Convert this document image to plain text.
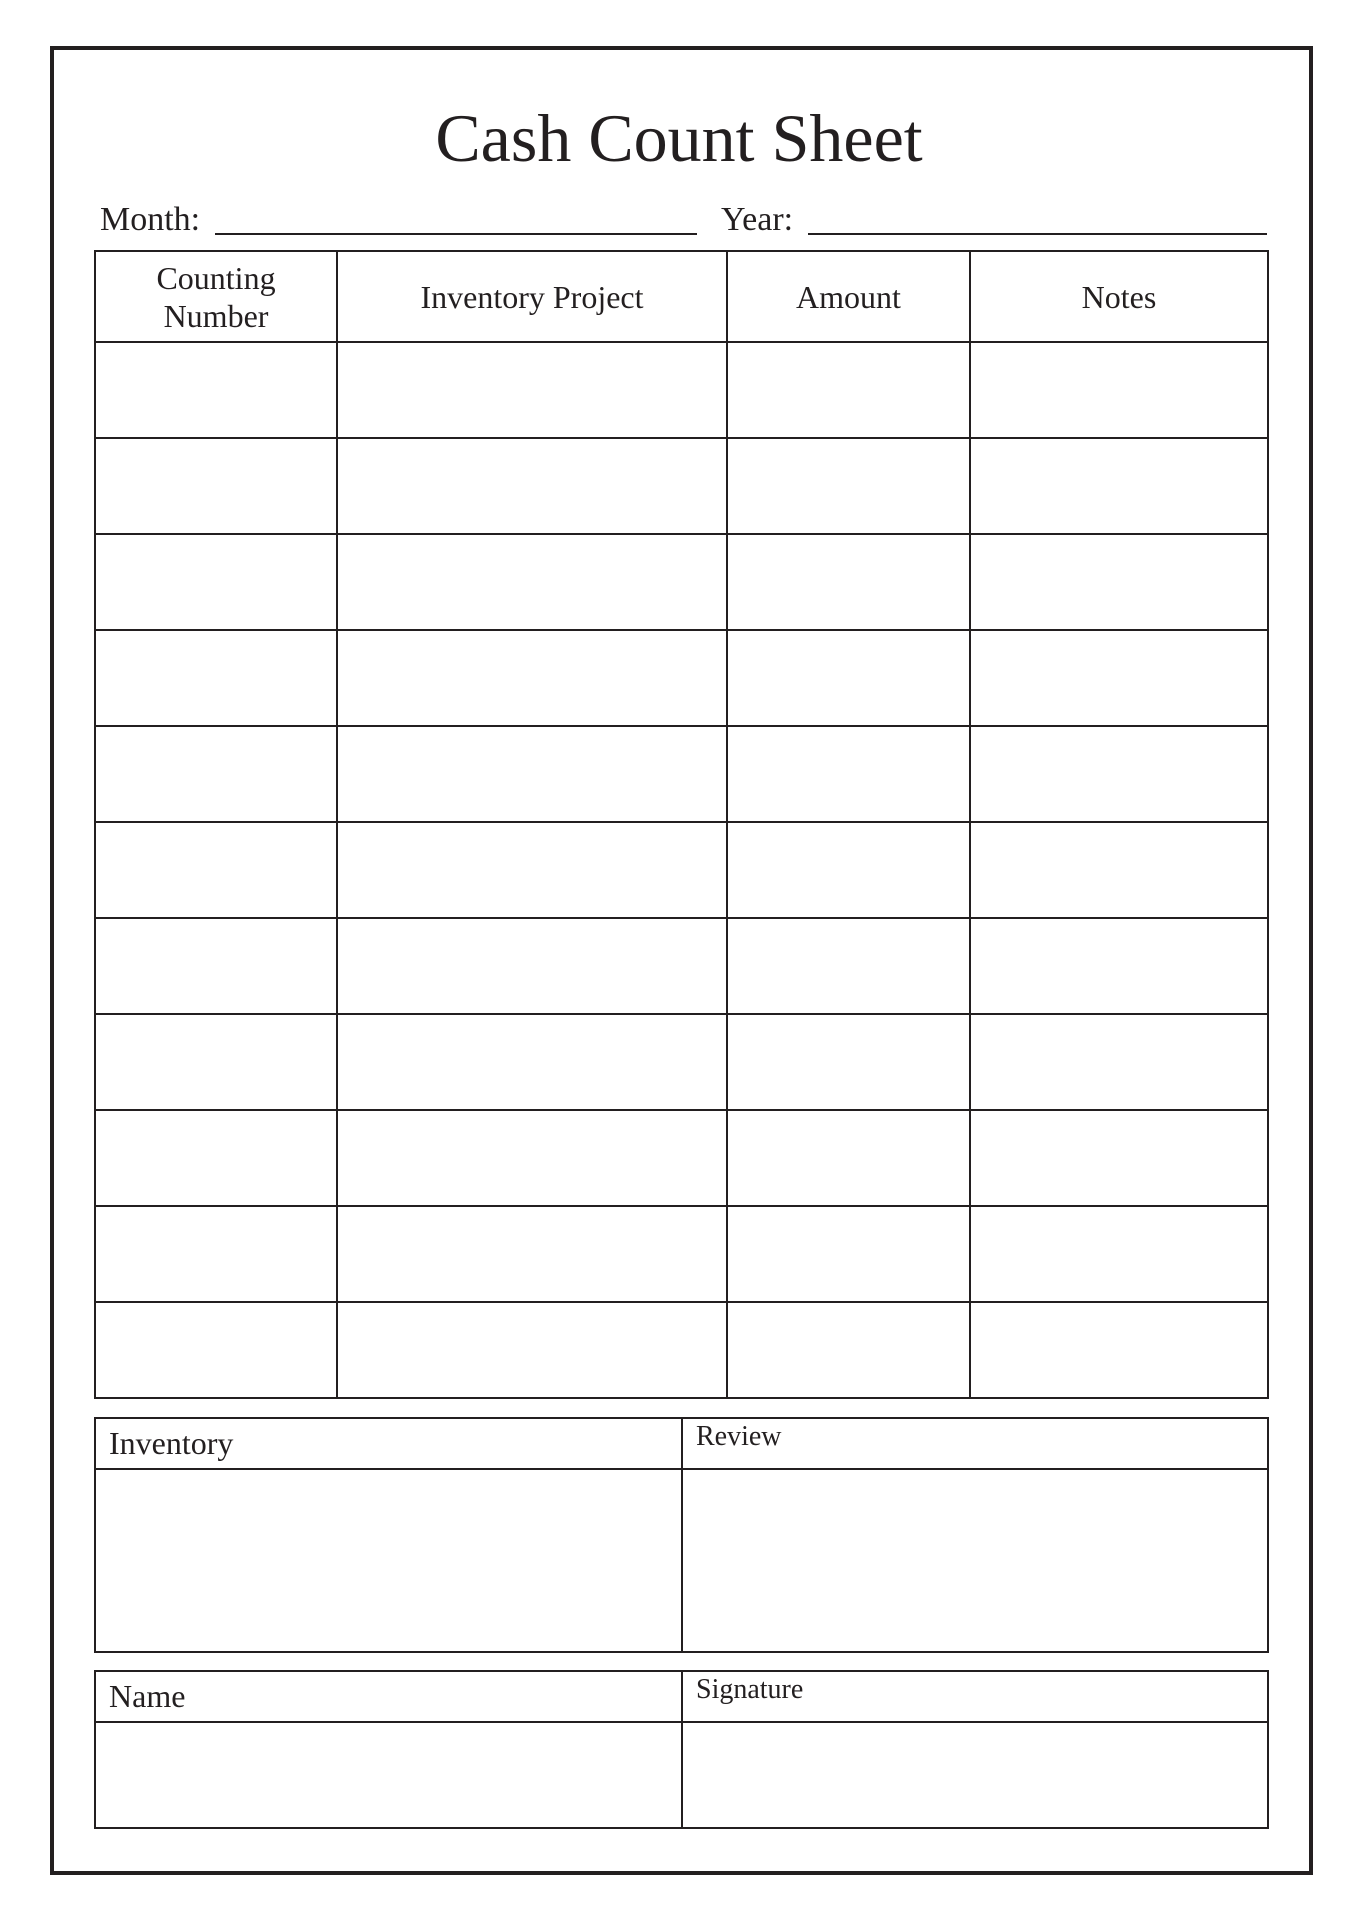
Cash Count Sheet
Month:	Year:
Counting Number	Inventory Project	Amount	Notes

Inventory	Review

Name	Signature
